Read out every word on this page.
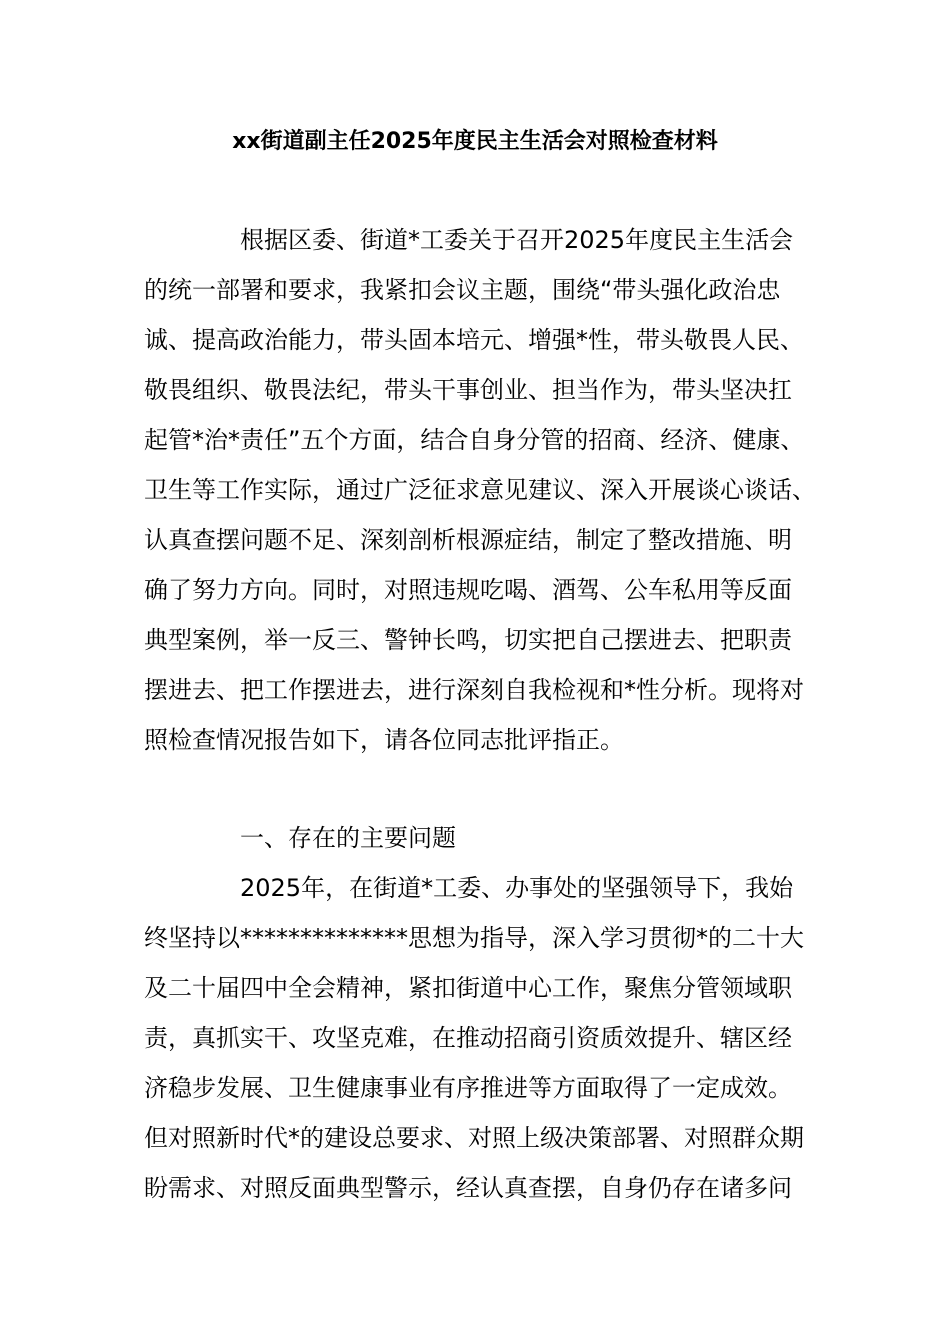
xx街道副主任2025年度民主生活会对照检查材料
根据区委、街道*工委关于召开2025年度民主生活会
的统一部署和要求，我紧扣会议主题，围绕“带头强化政治忠
诚、提高政治能力，带头固本培元、增强*性，带头敬畏人民、
敬畏组织、敬畏法纪，带头干事创业、担当作为，带头坚决扛
起管*治*责任”五个方面，结合自身分管的招商、经济、健康、
卫生等工作实际，通过广泛征求意见建议、深入开展谈心谈话、
认真查摆问题不足、深刻剖析根源症结，制定了整改措施、明
确了努力方向。同时，对照违规吃喝、酒驾、公车私用等反面
典型案例，举一反三、警钟长鸣，切实把自己摆进去、把职责
摆进去、把工作摆进去，进行深刻自我检视和*性分析。现将对
照检查情况报告如下，请各位同志批评指正。
一、存在的主要问题
2025年，在街道*工委、办事处的坚强领导下，我始
终坚持以**************思想为指导，深入学习贯彻*的二十大
及二十届四中全会精神，紧扣街道中心工作，聚焦分管领域职
责，真抓实干、攻坚克难，在推动招商引资质效提升、辖区经
济稳步发展、卫生健康事业有序推进等方面取得了一定成效。
但对照新时代*的建设总要求、对照上级决策部署、对照群众期
盼需求、对照反面典型警示，经认真查摆，自身仍存在诸多问
